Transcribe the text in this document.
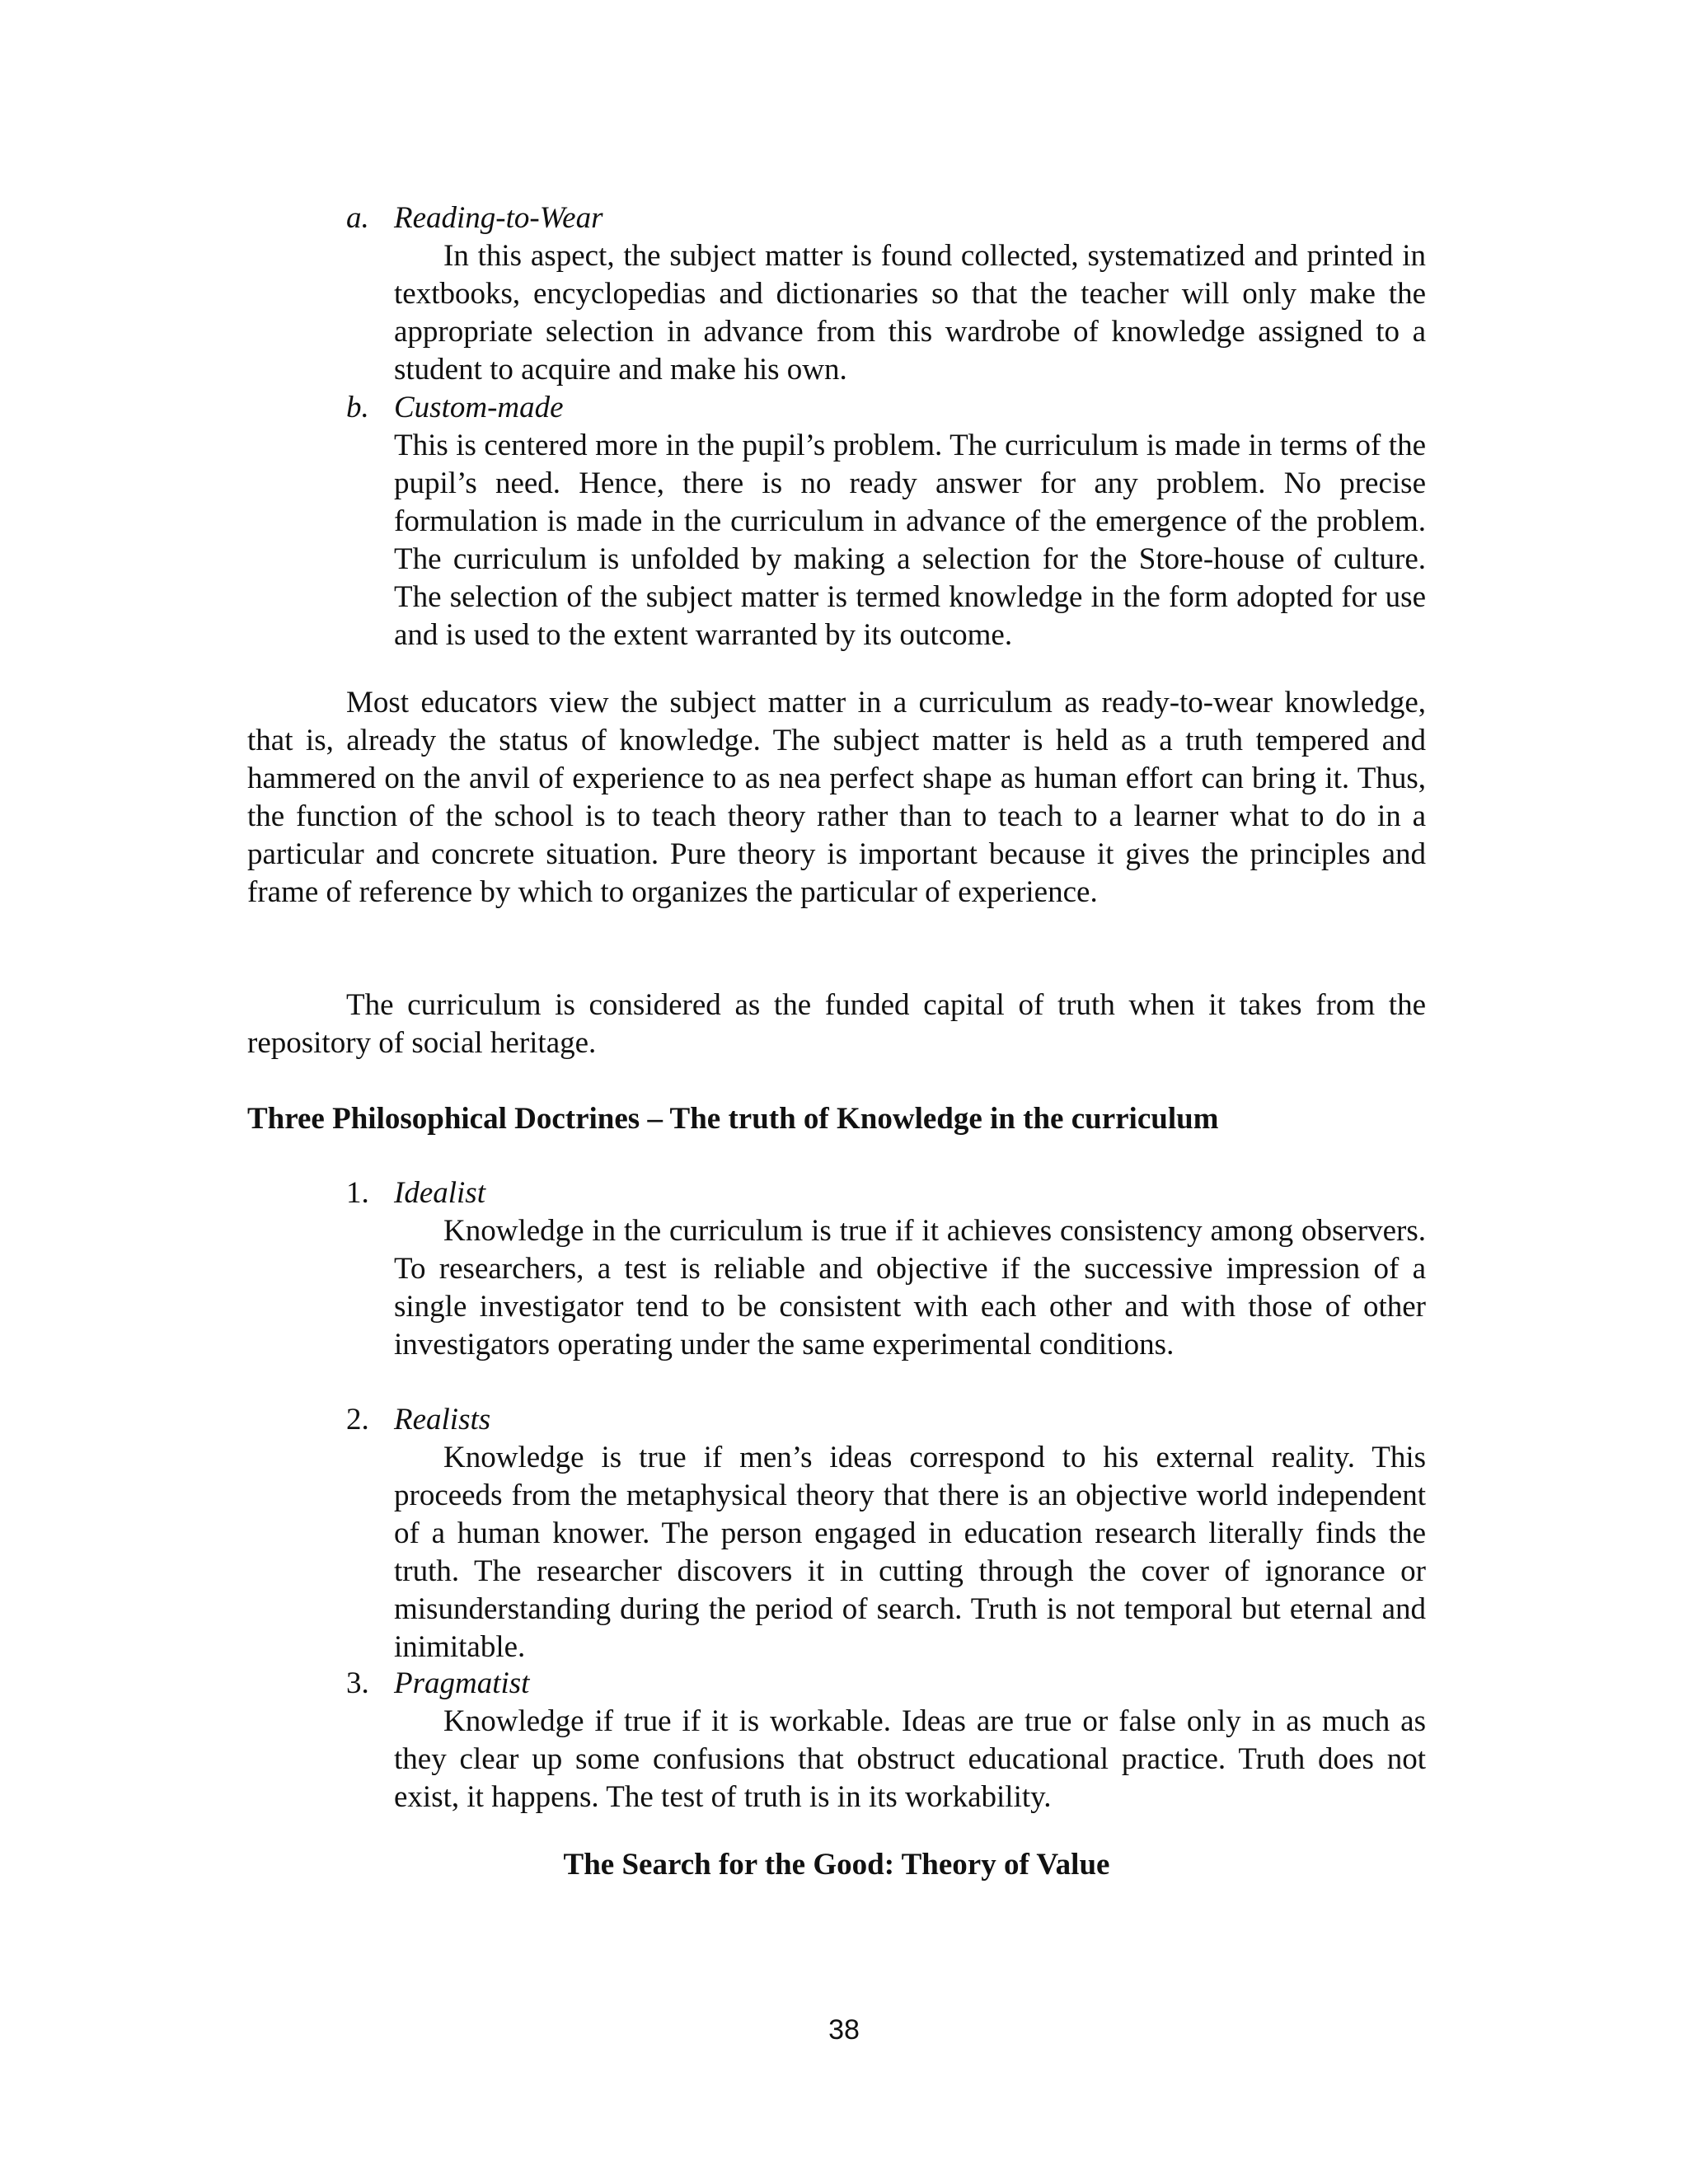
a. Reading-to-Wear
In this aspect, the subject matter is found collected, systematized and printed in textbooks, encyclopedias and dictionaries so that the teacher will only make the appropriate selection in advance from this wardrobe of knowledge assigned to a student to acquire and make his own.
b. Custom-made
This is centered more in the pupil’s problem. The curriculum is made in terms of the pupil’s need. Hence, there is no ready answer for any problem. No precise formulation is made in the curriculum in advance of the emergence of the problem. The curriculum is unfolded by making a selection for the Store-house of culture. The selection of the subject matter is termed knowledge in the form adopted for use and is used to the extent warranted by its outcome.
Most educators view the subject matter in a curriculum as ready-to-wear knowledge, that is, already the status of knowledge. The subject matter is held as a truth tempered and hammered on the anvil of experience to as nea perfect shape as human effort can bring it. Thus, the function of the school is to teach theory rather than to teach to a learner what to do in a particular and concrete situation. Pure theory is important because it gives the principles and frame of reference by which to organizes the particular of experience.
The curriculum is considered as the funded capital of truth when it takes from the repository of social heritage.
Three Philosophical Doctrines – The truth of Knowledge in the curriculum
1. Idealist
Knowledge in the curriculum is true if it achieves consistency among observers. To researchers, a test is reliable and objective if the successive impression of a single investigator tend to be consistent with each other and with those of other investigators operating under the same experimental conditions.
2. Realists
Knowledge is true if men’s ideas correspond to his external reality. This proceeds from the metaphysical theory that there is an objective world independent of a human knower. The person engaged in education research literally finds the truth. The researcher discovers it in cutting through the cover of ignorance or misunderstanding during the period of search. Truth is not temporal but eternal and inimitable.
3. Pragmatist
Knowledge if true if it is workable. Ideas are true or false only in as much as they clear up some confusions that obstruct educational practice. Truth does not exist, it happens. The test of truth is in its workability.
The Search for the Good: Theory of Value
38
